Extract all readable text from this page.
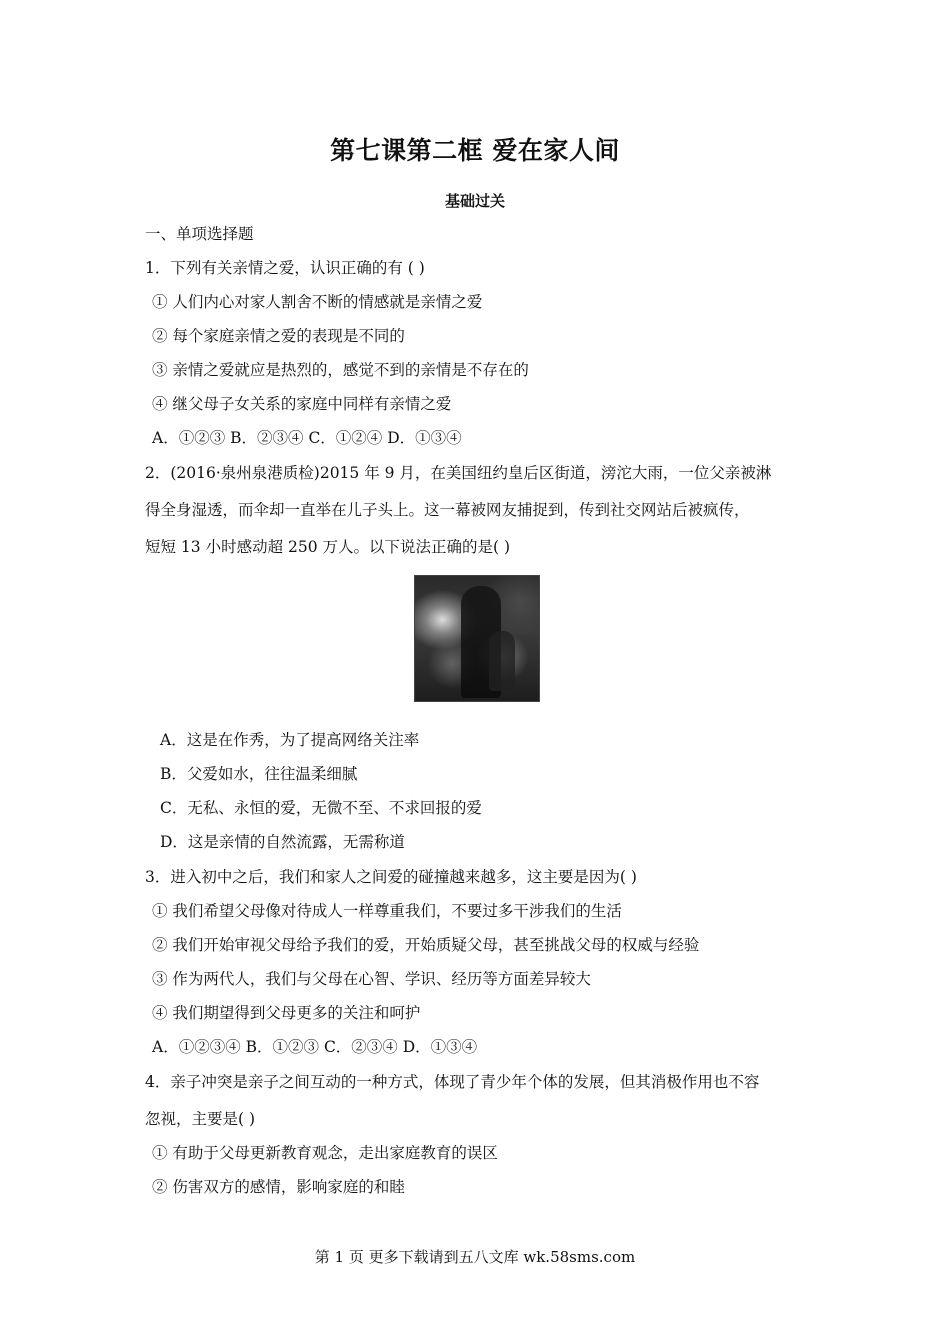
第七课第二框 爱在家人间
基础过关
一、单项选择题
1．下列有关亲情之爱，认识正确的有 ( )
① 人们内心对家人割舍不断的情感就是亲情之爱
② 每个家庭亲情之爱的表现是不同的
③ 亲情之爱就应是热烈的，感觉不到的亲情是不存在的
④ 继父母子女关系的家庭中同样有亲情之爱
A．①②③ B．②③④ C．①②④ D．①③④
2．(2016·泉州泉港质检)2015 年 9 月，在美国纽约皇后区街道，滂沱大雨，一位父亲被淋
得全身湿透，而伞却一直举在儿子头上。这一幕被网友捕捉到，传到社交网站后被疯传，
短短 13 小时感动超 250 万人。以下说法正确的是( )
A．这是在作秀，为了提高网络关注率
B．父爱如水，往往温柔细腻
C．无私、永恒的爱，无微不至、不求回报的爱
D．这是亲情的自然流露，无需称道
3．进入初中之后，我们和家人之间爱的碰撞越来越多，这主要是因为( )
① 我们希望父母像对待成人一样尊重我们，不要过多干涉我们的生活
② 我们开始审视父母给予我们的爱，开始质疑父母，甚至挑战父母的权威与经验
③ 作为两代人，我们与父母在心智、学识、经历等方面差异较大
④ 我们期望得到父母更多的关注和呵护
A．①②③④ B．①②③ C．②③④ D．①③④
4．亲子冲突是亲子之间互动的一种方式，体现了青少年个体的发展，但其消极作用也不容
忽视，主要是( )
① 有助于父母更新教育观念，走出家庭教育的误区
② 伤害双方的感情，影响家庭的和睦
第 1 页 更多下载请到五八文库 wk.58sms.com
